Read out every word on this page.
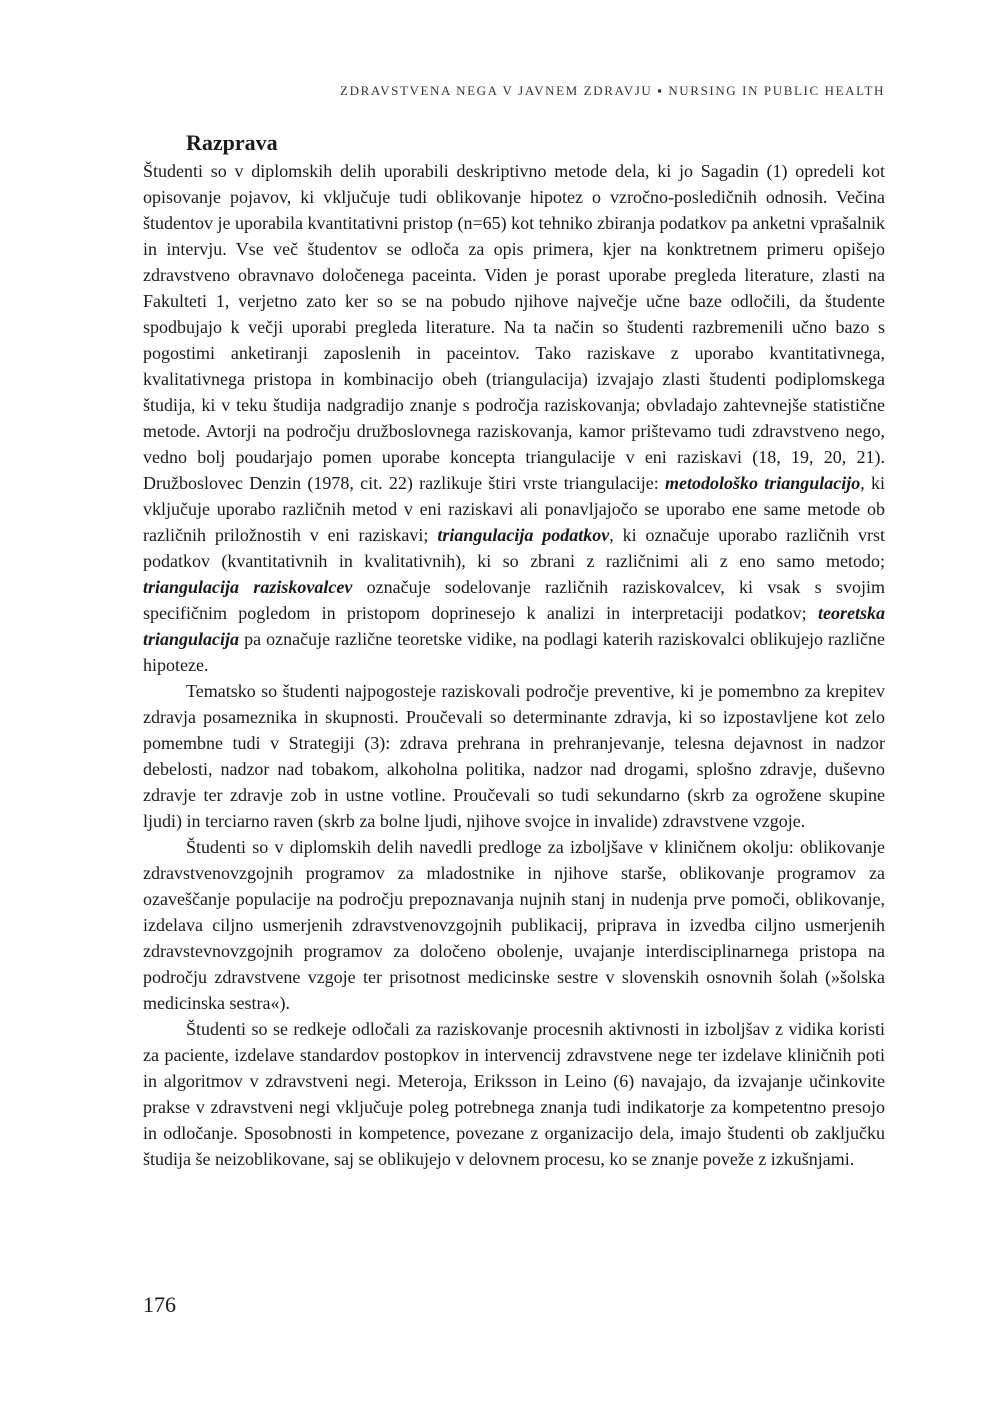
ZDRAVSTVENA NEGA V JAVNEM ZDRAVJU ▪ NURSING IN PUBLIC HEALTH
Razprava

Študenti so v diplomskih delih uporabili deskriptivno metode dela, ki jo Sagadin (1) opredeli kot opisovanje pojavov, ki vključuje tudi oblikovanje hipotez o vzročno-posledičnih odnosih. Večina študentov je uporabila kvantitativni pristop (n=65) kot tehniko zbiranja podatkov pa anketni vprašalnik in intervju. Vse več študentov se odloča za opis primera, kjer na konktretnem primeru opišejo zdravstveno obravnavo določenega paceinta. Viden je porast uporabe pregleda literature, zlasti na Fakulteti 1, verjetno zato ker so se na pobudo njihove največje učne baze odločili, da študente spodbujajo k večji uporabi pregleda literature. Na ta način so študenti razbremenili učno bazo s pogostimi anketiranji zaposlenih in paceintov. Tako raziskave z uporabo kvantitativnega, kvalitativnega pristopa in kombinacijo obeh (triangulacija) izvajajo zlasti študenti podiplomskega študija, ki v teku študija nadgradijo znanje s področja raziskovanja; obvladajo zahtevnejše statistične metode. Avtorji na področju družboslovnega raziskovanja, kamor prištevamo tudi zdravstveno nego, vedno bolj poudarjajo pomen uporabe koncepta triangulacije v eni raziskavi (18, 19, 20, 21). Družboslovec Denzin (1978, cit. 22) razlikuje štiri vrste triangulacije: metodološko triangulacijo, ki vključuje uporabo različnih metod v eni raziskavi ali ponavljajočo se uporabo ene same metode ob različnih priložnostih v eni raziskavi; triangulacija podatkov, ki označuje uporabo različnih vrst podatkov (kvantitativnih in kvalitativnih), ki so zbrani z različnimi ali z eno samo metodo; triangulacija raziskovalcev označuje sodelovanje različnih raziskovalcev, ki vsak s svojim specifičnim pogledom in pristopom doprinesejo k analizi in interpretaciji podatkov; teoretska triangulacija pa označuje različne teoretske vidike, na podlagi katerih raziskovalci oblikujejo različne hipoteze.

Tematsko so študenti najpogosteje raziskovali področje preventive, ki je pomembno za krepitev zdravja posameznika in skupnosti. Proučevali so determinante zdravja, ki so izpostavljene kot zelo pomembne tudi v Strategiji (3): zdrava prehrana in prehranjevanje, telesna dejavnost in nadzor debelosti, nadzor nad tobakom, alkoholna politika, nadzor nad drogami, splošno zdravje, duševno zdravje ter zdravje zob in ustne votline. Proučevali so tudi sekundarno (skrb za ogrožene skupine ljudi) in terciarno raven (skrb za bolne ljudi, njihove svojce in invalide) zdravstvene vzgoje.

Študenti so v diplomskih delih navedli predloge za izboljšave v kliničnem okolju: oblikovanje zdravstvenovzgojnih programov za mladostnike in njihove starše, oblikovanje programov za ozaveščanje populacije na področju prepoznavanja nujnih stanj in nudenja prve pomoči, oblikovanje, izdelava ciljno usmerjenih zdravstvenovzgojnih publikacij, priprava in izvedba ciljno usmerjenih zdravstevnovzgojnih programov za določeno obolenje, uvajanje interdisciplinarnega pristopa na področju zdravstvene vzgoje ter prisotnost medicinske sestre v slovenskih osnovnih šolah (»šolska medicinska sestra«).

Študenti so se redkeje odločali za raziskovanje procesnih aktivnosti in izboljšav z vidika koristi za paciente, izdelave standardov postopkov in intervencij zdravstvene nege ter izdelave kliničnih poti in algoritmov v zdravstveni negi. Meteroja, Eriksson in Leino (6) navajajo, da izvajanje učinkovite prakse v zdravstveni negi vključuje poleg potrebnega znanja tudi indikatorje za kompetentno presojo in odločanje. Sposobnosti in kompetence, povezane z organizacijo dela, imajo študenti ob zaključku študija še neizoblikovane, saj se oblikujejo v delovnem procesu, ko se znanje poveže z izkušnjami.

176
